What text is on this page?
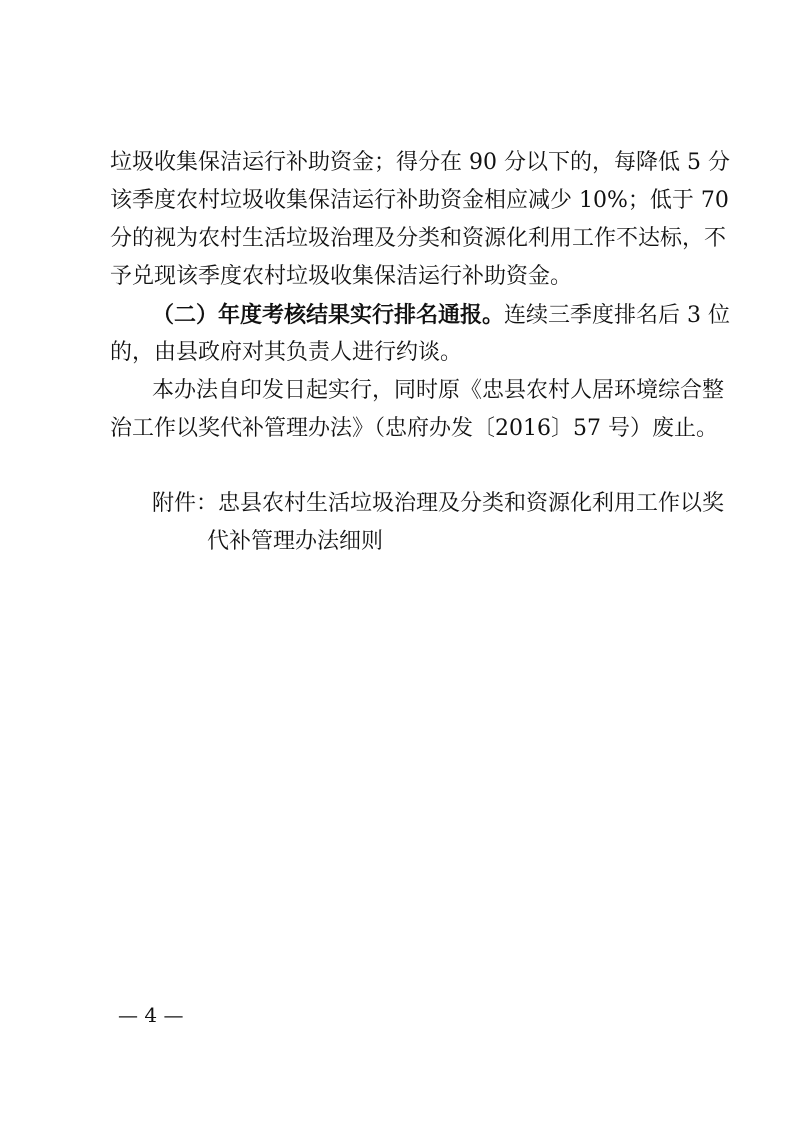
垃圾收集保洁运行补助资金；得分在 90 分以下的，每降低 5 分
该季度农村垃圾收集保洁运行补助资金相应减少 10%；低于 70
分的视为农村生活垃圾治理及分类和资源化利用工作不达标，不
予兑现该季度农村垃圾收集保洁运行补助资金。
（二）年度考核结果实行排名通报。连续三季度排名后 3 位
的，由县政府对其负责人进行约谈。
本办法自印发日起实行，同时原《忠县农村人居环境综合整
治工作以奖代补管理办法》（忠府办发〔2016〕57 号）废止。
附件：忠县农村生活垃圾治理及分类和资源化利用工作以奖
代补管理办法细则
— 4 —
